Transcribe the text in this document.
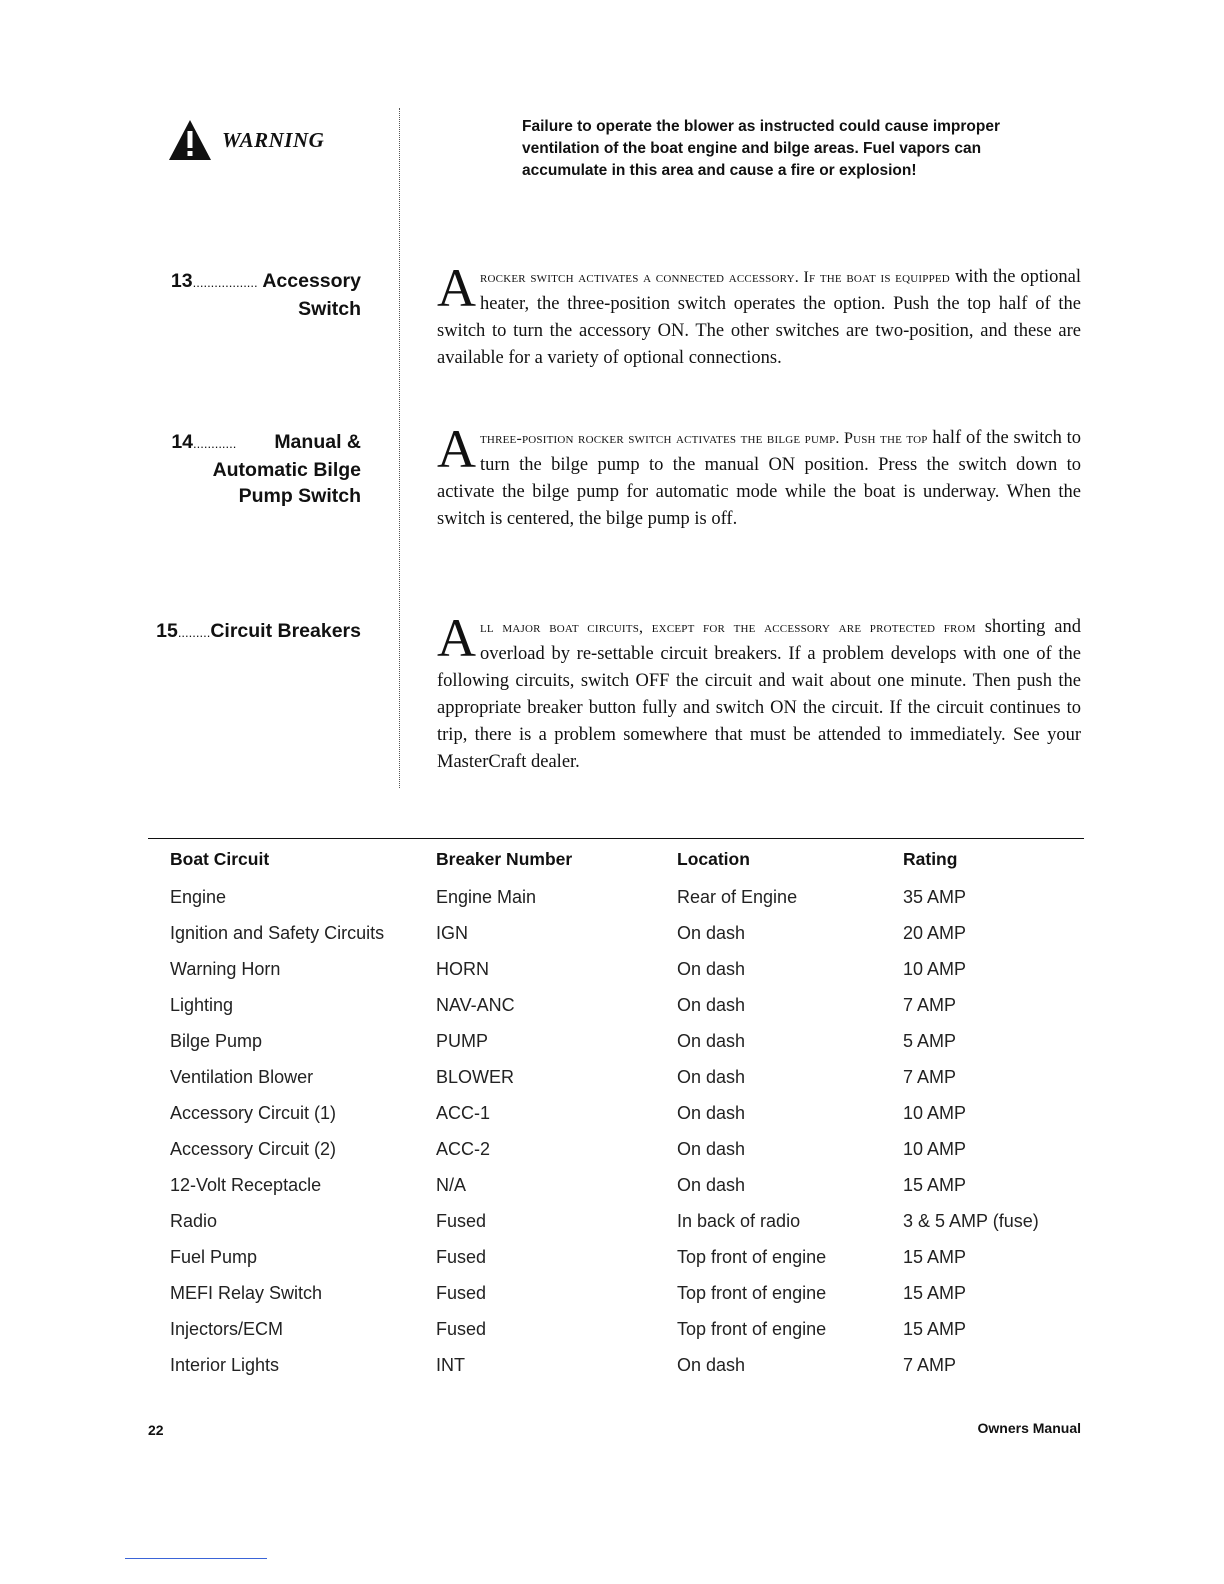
WARNING
Failure to operate the blower as instructed could cause improper ventilation of the boat engine and bilge areas. Fuel vapors can accumulate in this area and cause a fire or explosion!
13.................. Accessory
Switch Arocker switch activates a connected accessory. If the boat is equipped with the optional heater, the three-position switch operates the option. Push the top half of the switch to turn the accessory ON. The other switches are two-position, and these are available for a variety of optional connections.
14............ Manual &
Automatic Bilge
Pump Switch
Athree-position rocker switch activates the bilge pump. Push the top half of the switch to turn the bilge pump to the manual ON position. Press the switch down to activate the bilge pump for automatic mode while the boat is underway. When the switch is centered, the bilge pump is off.
15.........Circuit Breakers All major boat circuits, except for the accessory are protected from shorting and overload by re-settable circuit breakers. If a problem develops with one of the following circuits, switch OFF the circuit and wait about one minute. Then push the appropriate breaker button fully and switch ON the circuit. If the circuit continues to trip, there is a problem somewhere that must be attended to immediately. See your MasterCraft dealer.
Boat Circuit	Breaker Number	Location	Rating
Engine	Engine Main	Rear of Engine	35 AMP
Ignition and Safety Circuits	IGN	On dash	20 AMP
Warning Horn	HORN	On dash	10 AMP
Lighting	NAV-ANC	On dash	7 AMP
Bilge Pump	PUMP	On dash	5 AMP
Ventilation Blower	BLOWER	On dash	7 AMP
Accessory Circuit (1)	ACC-1	On dash	10 AMP
Accessory Circuit (2)	ACC-2	On dash	10 AMP
12-Volt Receptacle	N/A	On dash	15 AMP
Radio	Fused	In back of radio	3 & 5 AMP (fuse)
Fuel Pump	Fused	Top front of engine	15 AMP
MEFI Relay Switch	Fused	Top front of engine	15 AMP
Injectors/ECM	Fused	Top front of engine	15 AMP
Interior Lights	INT	On dash	7 AMP
22	Owners Manual
